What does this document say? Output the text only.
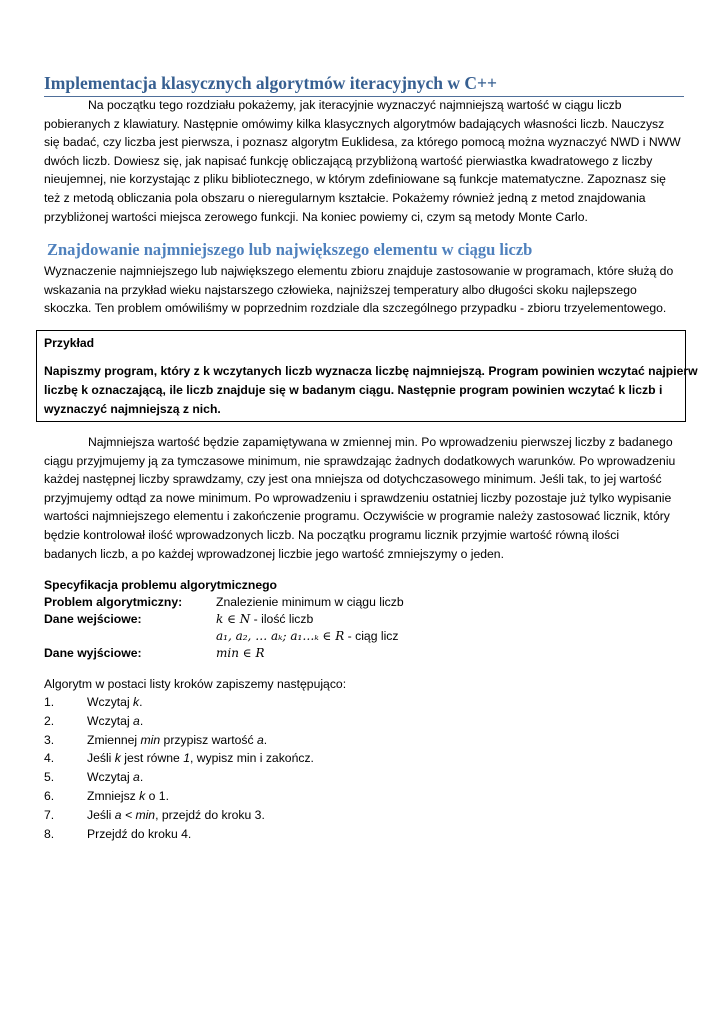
Implementacja klasycznych algorytmów iteracyjnych w C++
Na początku tego rozdziału pokażemy, jak iteracyjnie wyznaczyć najmniejszą wartość w ciągu liczb
pobieranych z klawiatury. Następnie omówimy kilka klasycznych algorytmów badających własności liczb. Nauczysz
się badać, czy liczba jest pierwsza, i poznasz algorytm Euklidesa, za którego pomocą można wyznaczyć NWD i NWW
dwóch liczb. Dowiesz się, jak napisać funkcję obliczającą przybliżoną wartość pierwiastka kwadratowego z liczby
nieujemnej, nie korzystając z pliku bibliotecznego, w którym zdefiniowane są funkcje matematyczne. Zapoznasz się
też z metodą obliczania pola obszaru o nieregularnym kształcie. Pokażemy również jedną z metod znajdowania
przybliżonej wartości miejsca zerowego funkcji. Na koniec powiemy ci, czym są metody Monte Carlo.
Znajdowanie najmniejszego lub największego elementu w ciągu liczb
Wyznaczenie najmniejszego lub największego elementu zbioru znajduje zastosowanie w programach, które służą do
wskazania na przykład wieku najstarszego człowieka, najniższej temperatury albo długości skoku najlepszego
skoczka. Ten problem omówiliśmy w poprzednim rozdziale dla szczególnego przypadku - zbioru trzyelementowego.
Przykład
Napiszmy program, który z k wczytanych liczb wyznacza liczbę najmniejszą. Program powinien wczytać najpierw
liczbę k oznaczającą, ile liczb znajduje się w badanym ciągu. Następnie program powinien wczytać k liczb i
wyznaczyć najmniejszą z nich.
Najmniejsza wartość będzie zapamiętywana w zmiennej min. Po wprowadzeniu pierwszej liczby z badanego
ciągu przyjmujemy ją za tymczasowe minimum, nie sprawdzając żadnych dodatkowych warunków. Po wprowadzeniu
każdej następnej liczby sprawdzamy, czy jest ona mniejsza od dotychczasowego minimum. Jeśli tak, to jej wartość
przyjmujemy odtąd za nowe minimum. Po wprowadzeniu i sprawdzeniu ostatniej liczby pozostaje już tylko wypisanie
wartości najmniejszego elementu i zakończenie programu. Oczywiście w programie należy zastosować licznik, który
będzie kontrolował ilość wprowadzonych liczb. Na początku programu licznik przyjmie wartość równą ilości
badanych liczb, a po każdej wprowadzonej liczbie jego wartość zmniejszymy o jeden.
Specyfikacja problemu algorytmicznego
Problem algorytmiczny:	Znalezienie minimum w ciągu liczb
Dane wejściowe:	k ∈ N - ilość liczb
a₁, a₂, … aₖ; a₁…ₖ ∈ R - ciąg licz
Dane wyjściowe:	min ∈ R
Algorytm w postaci listy kroków zapiszemy następująco:
1.	Wczytaj k.
2.	Wczytaj a.
3.	Zmiennej min przypisz wartość a.
4.	Jeśli k jest równe 1, wypisz min i zakończ.
5.	Wczytaj a.
6.	Zmniejsz k o 1.
7.	Jeśli a < min, przejdź do kroku 3.
8.	Przejdź do kroku 4.
